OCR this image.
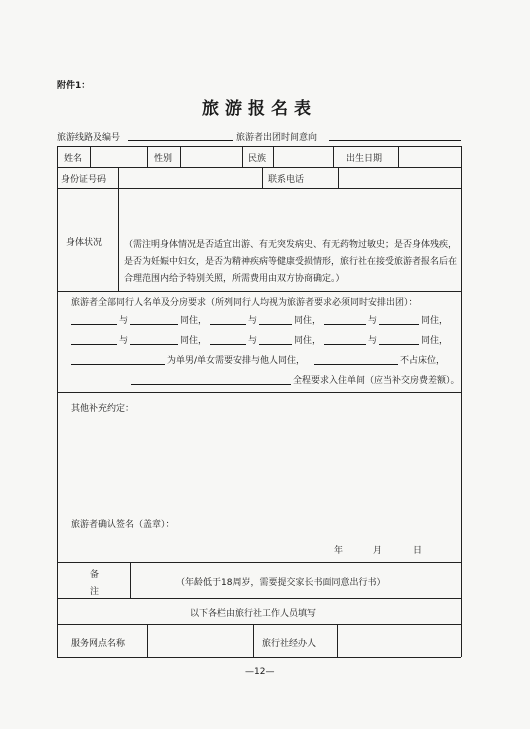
附件1：
旅游报名表
旅游线路及编号	旅游者出团时间意向
姓名	性别	民族	出生日期
身份证号码	联系电话
身体状况 （需注明身体情况是否适宜出游、有无突发病史、有无药物过敏史；是否身体残疾，是否为妊娠中妇女，是否为精神疾病等健康受损情形，旅行社在接受旅游者报名后在合理范围内给予特别关照，所需费用由双方协商确定。）
旅游者全部同行人名单及分房要求（所列同行人均视为旅游者要求必须同时安排出团）：
与	同住，	与	同住，	与	同住，
与	同住，	与	同住，	与	同住，
为单男/单女需要安排与他人同住，	不占床位，
全程要求入住单间（应当补交房费差额）。
其他补充约定：
旅游者确认签名（盖章）：
年	月	日
备
注
（年龄低于18周岁，需要提交家长书面同意出行书）
以下各栏由旅行社工作人员填写
服务网点名称	旅行社经办人
—12—
